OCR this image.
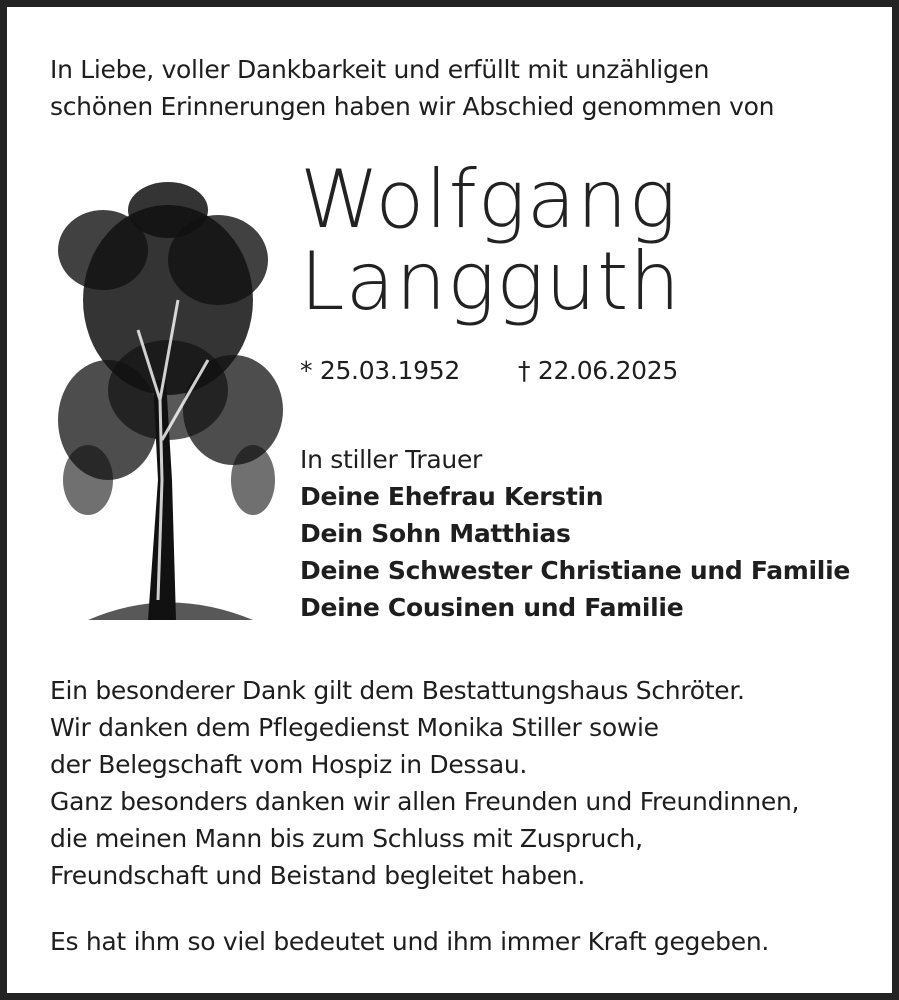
In Liebe, voller Dankbarkeit und erfüllt mit unzähligen
schönen Erinnerungen haben wir Abschied genommen von
Wolfgang
Langguth
* 25.03.1952 † 22.06.2025
In stiller Trauer
Deine Ehefrau Kerstin
Dein Sohn Matthias
Deine Schwester Christiane und Familie
Deine Cousinen und Familie
Ein besonderer Dank gilt dem Bestattungshaus Schröter.
Wir danken dem Pflegedienst Monika Stiller sowie
der Belegschaft vom Hospiz in Dessau.
Ganz besonders danken wir allen Freunden und Freundinnen,
die meinen Mann bis zum Schluss mit Zuspruch,
Freundschaft und Beistand begleitet haben.
Es hat ihm so viel bedeutet und ihm immer Kraft gegeben.
